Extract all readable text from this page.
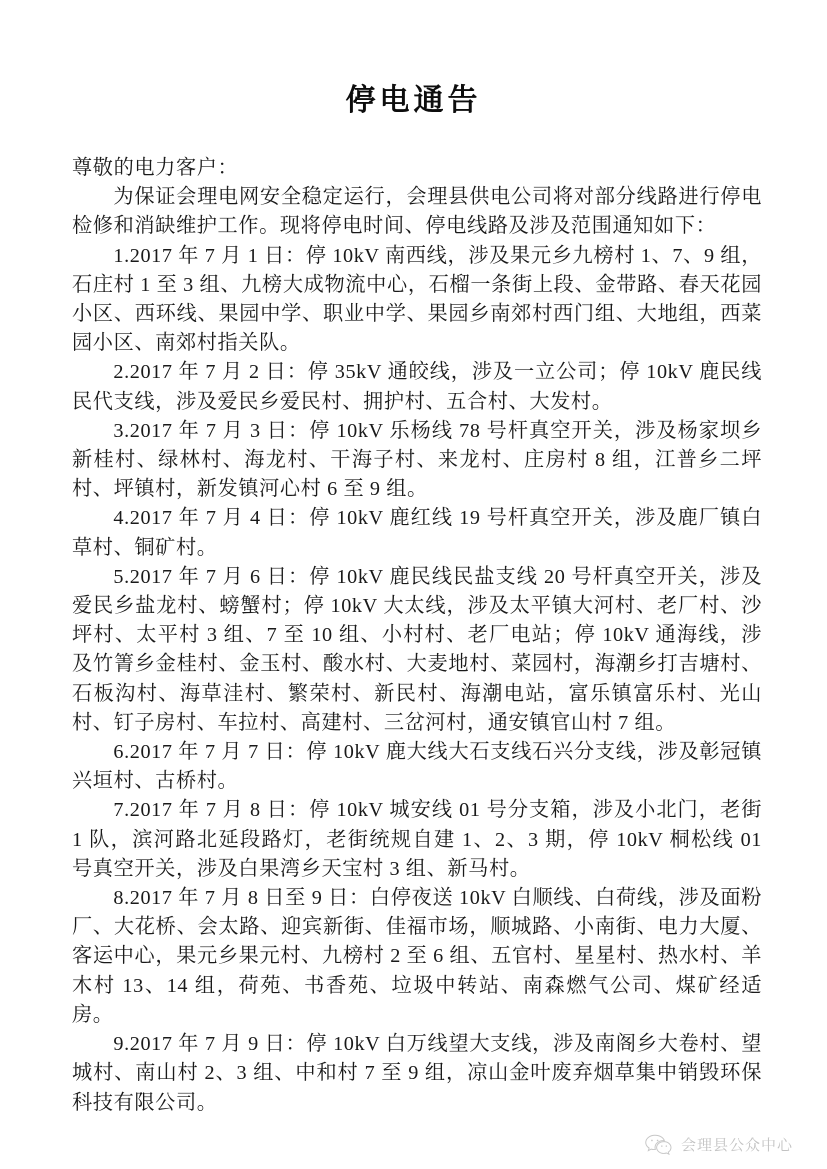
停电通告

尊敬的电力客户：

为保证会理电网安全稳定运行，会理县供电公司将对部分线路进行停电检修和消缺维护工作。现将停电时间、停电线路及涉及范围通知如下：

1.2017 年 7 月 1 日：停 10kV 南西线，涉及果元乡九榜村 1、7、9 组，石庄村 1 至 3 组、九榜大成物流中心，石榴一条街上段、金带路、春天花园小区、西环线、果园中学、职业中学、果园乡南郊村西门组、大地组，西菜园小区、南郊村指关队。

2.2017 年 7 月 2 日：停 35kV 通皎线，涉及一立公司；停 10kV 鹿民线民代支线，涉及爱民乡爱民村、拥护村、五合村、大发村。

3.2017 年 7 月 3 日：停 10kV 乐杨线 78 号杆真空开关，涉及杨家坝乡新桂村、绿林村、海龙村、干海子村、来龙村、庄房村 8 组，江普乡二坪村、坪镇村，新发镇河心村 6 至 9 组。

4.2017 年 7 月 4 日：停 10kV 鹿红线 19 号杆真空开关，涉及鹿厂镇白草村、铜矿村。

5.2017 年 7 月 6 日：停 10kV 鹿民线民盐支线 20 号杆真空开关，涉及爱民乡盐龙村、螃蟹村；停 10kV 大太线，涉及太平镇大河村、老厂村、沙坪村、太平村 3 组、7 至 10 组、小村村、老厂电站；停 10kV 通海线，涉及竹箐乡金桂村、金玉村、酸水村、大麦地村、菜园村，海潮乡打吉塘村、石板沟村、海草洼村、繁荣村、新民村、海潮电站，富乐镇富乐村、光山村、钉子房村、车拉村、高建村、三岔河村，通安镇官山村 7 组。

6.2017 年 7 月 7 日：停 10kV 鹿大线大石支线石兴分支线，涉及彰冠镇兴垣村、古桥村。

7.2017 年 7 月 8 日：停 10kV 城安线 01 号分支箱，涉及小北门，老街 1 队，滨河路北延段路灯，老街统规自建 1、2、3 期，停 10kV 桐松线 01 号真空开关，涉及白果湾乡天宝村 3 组、新马村。

8.2017 年 7 月 8 日至 9 日：白停夜送 10kV 白顺线、白荷线，涉及面粉厂、大花桥、会太路、迎宾新街、佳福市场，顺城路、小南街、电力大厦、客运中心，果元乡果元村、九榜村 2 至 6 组、五官村、星星村、热水村、羊木村 13、14 组，荷苑、书香苑、垃圾中转站、南森燃气公司、煤矿经适房。

9.2017 年 7 月 9 日：停 10kV 白万线望大支线，涉及南阁乡大卷村、望城村、南山村 2、3 组、中和村 7 至 9 组，凉山金叶废弃烟草集中销毁环保科技有限公司。

会理县公众中心
